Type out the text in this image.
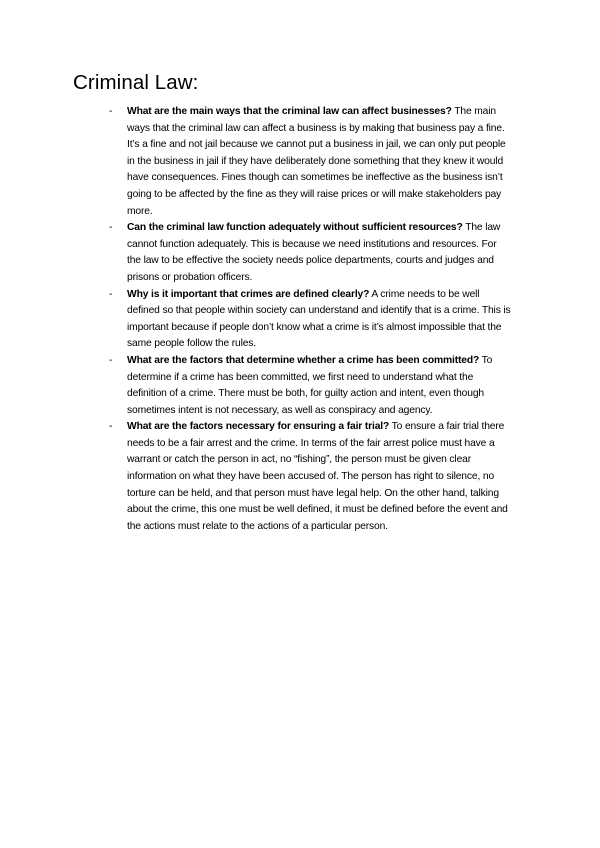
Criminal Law:
- What are the main ways that the criminal law can affect businesses? The main ways that the criminal law can affect a business is by making that business pay a fine. It’s a fine and not jail because we cannot put a business in jail, we can only put people in the business in jail if they have deliberately done something that they knew it would have consequences. Fines though can sometimes be ineffective as the business isn’t going to be affected by the fine as they will raise prices or will make stakeholders pay more.
- Can the criminal law function adequately without sufficient resources? The law cannot function adequately. This is because we need institutions and resources. For the law to be effective the society needs police departments, courts and judges and prisons or probation officers.
- Why is it important that crimes are defined clearly? A crime needs to be well defined so that people within society can understand and identify that is a crime. This is important because if people don’t know what a crime is it’s almost impossible that the same people follow the rules.
- What are the factors that determine whether a crime has been committed? To determine if a crime has been committed, we first need to understand what the definition of a crime. There must be both, for guilty action and intent, even though sometimes intent is not necessary, as well as conspiracy and agency.
- What are the factors necessary for ensuring a fair trial? To ensure a fair trial there needs to be a fair arrest and the crime. In terms of the fair arrest police must have a warrant or catch the person in act, no “fishing”, the person must be given clear information on what they have been accused of. The person has right to silence, no torture can be held, and that person must have legal help. On the other hand, talking about the crime, this one must be well defined, it must be defined before the event and the actions must relate to the actions of a particular person.
